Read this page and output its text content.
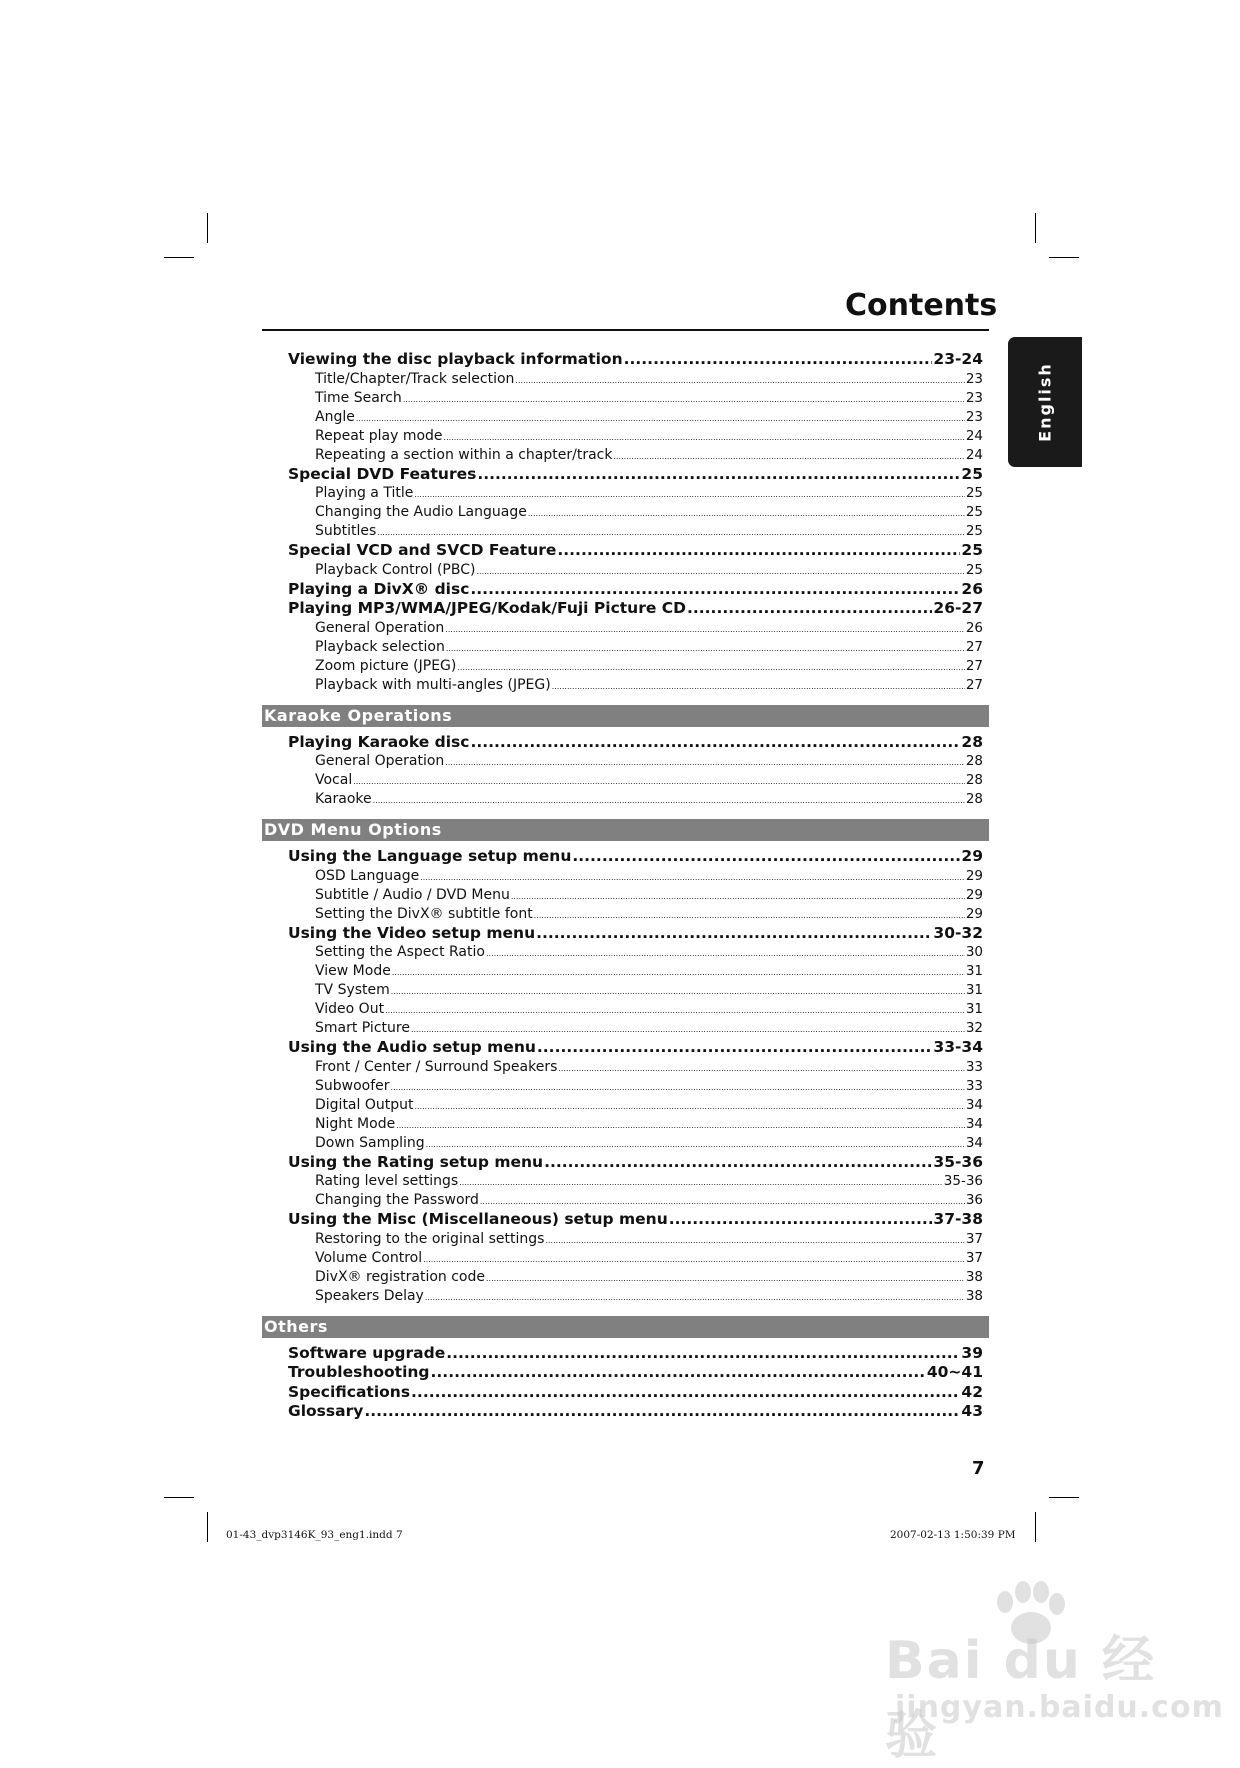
Contents
English
Viewing the disc playback information .....	23-24
Title/Chapter/Track selection .....	23
Time Search .....	23
Angle .....	23
Repeat play mode .....	24
Repeating a section within a chapter/track .....	24
Special DVD Features .....	25
Playing a Title .....	25
Changing the Audio Language .....	25
Subtitles .....	25
Special VCD and SVCD Feature .....	25
Playback Control (PBC) .....	25
Playing a DivX® disc .....	26
Playing MP3/WMA/JPEG/Kodak/Fuji Picture CD .....	26-27
General Operation .....	26
Playback selection .....	27
Zoom picture (JPEG) .....	27
Playback with multi-angles (JPEG) .....	27
Karaoke Operations
Playing Karaoke disc .....	28
General Operation .....	28
Vocal .....	28
Karaoke .....	28
DVD Menu Options
Using the Language setup menu .....	29
OSD Language .....	29
Subtitle / Audio / DVD Menu .....	29
Setting the DivX® subtitle font .....	29
Using the Video setup menu .....	30-32
Setting the Aspect Ratio .....	30
View Mode .....	31
TV System .....	31
Video Out .....	31
Smart Picture .....	32
Using the Audio setup menu .....	33-34
Front / Center / Surround Speakers .....	33
Subwoofer .....	33
Digital Output .....	34
Night Mode .....	34
Down Sampling .....	34
Using the Rating setup menu .....	35-36
Rating level settings .....	35-36
Changing the Password .....	36
Using the Misc (Miscellaneous) setup menu .....	37-38
Restoring to the original settings .....	37
Volume Control .....	37
DivX® registration code .....	38
Speakers Delay .....	38
Others
Software upgrade .....	39
Troubleshooting .....	40~41
Specifications .....	42
Glossary .....	43
7
01-43_dvp3146K_93_eng1.indd 7	2007-02-13 1:50:39 PM
Bai du 经验
jingyan.baidu.com
